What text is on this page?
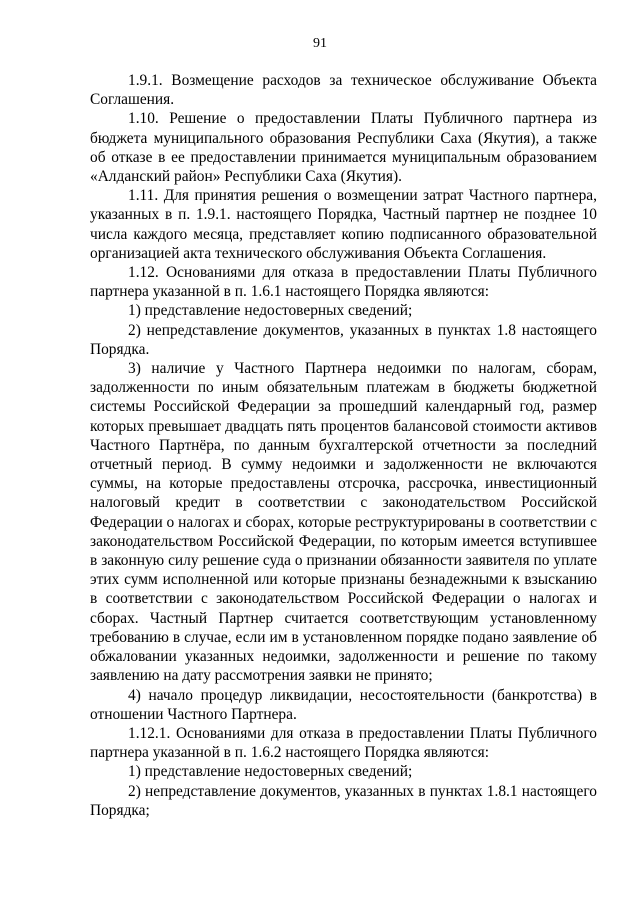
91

1.9.1. Возмещение расходов за техническое обслуживание Объекта Соглашения.

1.10. Решение о предоставлении Платы Публичного партнера из бюджета муниципального образования Республики Саха (Якутия), а также об отказе в ее предоставлении принимается муниципальным образованием «Алданский район» Республики Саха (Якутия).

1.11. Для принятия решения о возмещении затрат Частного партнера, указанных в п. 1.9.1. настоящего Порядка, Частный партнер не позднее 10 числа каждого месяца, представляет копию подписанного образовательной организацией акта технического обслуживания Объекта Соглашения.

1.12. Основаниями для отказа в предоставлении Платы Публичного партнера указанной в п. 1.6.1 настоящего Порядка являются:

1) представление недостоверных сведений;

2) непредставление документов, указанных в пунктах 1.8 настоящего Порядка.

3) наличие у Частного Партнера недоимки по налогам, сборам, задолженности по иным обязательным платежам в бюджеты бюджетной системы Российской Федерации за прошедший календарный год, размер которых превышает двадцать пять процентов балансовой стоимости активов Частного Партнёра, по данным бухгалтерской отчетности за последний отчетный период. В сумму недоимки и задолженности не включаются суммы, на которые предоставлены отсрочка, рассрочка, инвестиционный налоговый кредит в соответствии с законодательством Российской Федерации о налогах и сборах, которые реструктурированы в соответствии с законодательством Российской Федерации, по которым имеется вступившее в законную силу решение суда о признании обязанности заявителя по уплате этих сумм исполненной или которые признаны безнадежными к взысканию в соответствии с законодательством Российской Федерации о налогах и сборах. Частный Партнер считается соответствующим установленному требованию в случае, если им в установленном порядке подано заявление об обжаловании указанных недоимки, задолженности и решение по такому заявлению на дату рассмотрения заявки не принято;

4) начало процедур ликвидации, несостоятельности (банкротства) в отношении Частного Партнера.

1.12.1. Основаниями для отказа в предоставлении Платы Публичного партнера указанной в п. 1.6.2 настоящего Порядка являются:

1) представление недостоверных сведений;

2) непредставление документов, указанных в пунктах 1.8.1 настоящего Порядка;
